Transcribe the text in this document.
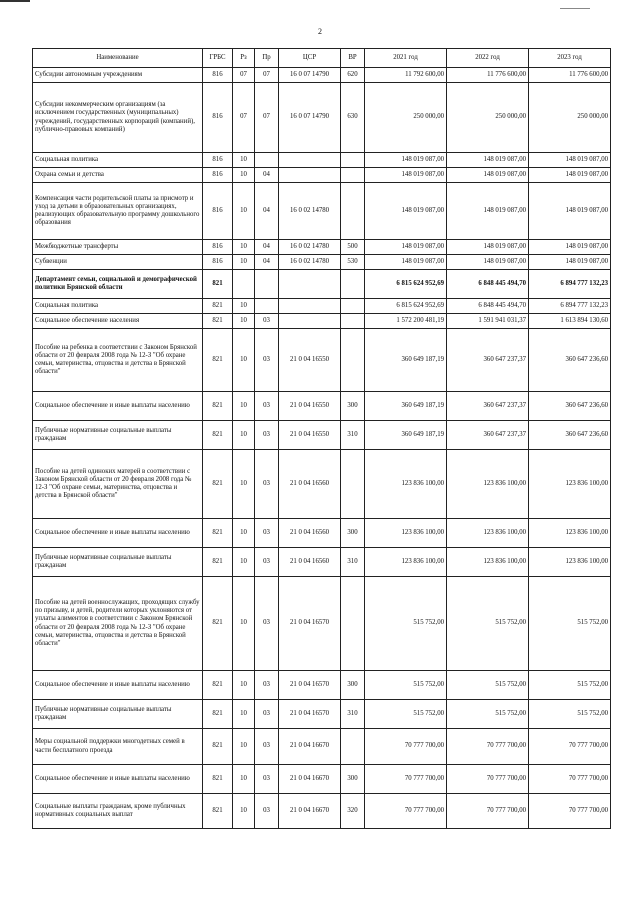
2
Наименование	ГРБС	Рз	Пр	ЦСР	ВР	2021 год	2022 год	2023 год
Субсидии автономным учреждениям	816	07	07	16 0 07 14790	620	11 792 600,00	11 776 600,00	11 776 600,00
Субсидии некоммерческим организациям (за исключением государственных (муниципальных) учреждений, государственных корпораций (компаний), публично-правовых компаний)	816	07	07	16 0 07 14790	630	250 000,00	250 000,00	250 000,00
Социальная политика	816	10				148 019 087,00	148 019 087,00	148 019 087,00
Охрана семьи и детства	816	10	04			148 019 087,00	148 019 087,00	148 019 087,00
Компенсация части родительской платы за присмотр и уход за детьми в образовательных организациях, реализующих образовательную программу дошкольного образования	816	10	04	16 0 02 14780		148 019 087,00	148 019 087,00	148 019 087,00
Межбюджетные трансферты	816	10	04	16 0 02 14780	500	148 019 087,00	148 019 087,00	148 019 087,00
Субвенции	816	10	04	16 0 02 14780	530	148 019 087,00	148 019 087,00	148 019 087,00
Департамент семьи, социальной и демографической политики Брянской области	821					6 815 624 952,69	6 848 445 494,70	6 894 777 132,23
Социальная политика	821	10				6 815 624 952,69	6 848 445 494,70	6 894 777 132,23
Социальное обеспечение населения	821	10	03			1 572 200 481,19	1 591 941 031,37	1 613 894 130,60
Пособие на ребенка в соответствии с Законом Брянской области от 20 февраля 2008 года № 12-З "Об охране семьи, материнства, отцовства и детства в Брянской области"	821	10	03	21 0 04 16550		360 649 187,19	360 647 237,37	360 647 236,60
Социальное обеспечение и иные выплаты населению	821	10	03	21 0 04 16550	300	360 649 187,19	360 647 237,37	360 647 236,60
Публичные нормативные социальные выплаты гражданам	821	10	03	21 0 04 16550	310	360 649 187,19	360 647 237,37	360 647 236,60
Пособие на детей одиноких матерей в соответствии с Законом Брянской области от 20 февраля 2008 года № 12-З "Об охране семьи, материнства, отцовства и детства в Брянской области"	821	10	03	21 0 04 16560		123 836 100,00	123 836 100,00	123 836 100,00
Социальное обеспечение и иные выплаты населению	821	10	03	21 0 04 16560	300	123 836 100,00	123 836 100,00	123 836 100,00
Публичные нормативные социальные выплаты гражданам	821	10	03	21 0 04 16560	310	123 836 100,00	123 836 100,00	123 836 100,00
Пособие на детей военнослужащих, проходящих службу по призыву, и детей, родители которых уклоняются от уплаты алиментов в соответствии с Законом Брянской области от 20 февраля 2008 года № 12-З "Об охране семьи, материнства, отцовства и детства в Брянской области"	821	10	03	21 0 04 16570		515 752,00	515 752,00	515 752,00
Социальное обеспечение и иные выплаты населению	821	10	03	21 0 04 16570	300	515 752,00	515 752,00	515 752,00
Публичные нормативные социальные выплаты гражданам	821	10	03	21 0 04 16570	310	515 752,00	515 752,00	515 752,00
Меры социальной поддержки многодетных семей в части бесплатного проезда	821	10	03	21 0 04 16670		70 777 700,00	70 777 700,00	70 777 700,00
Социальное обеспечение и иные выплаты населению	821	10	03	21 0 04 16670	300	70 777 700,00	70 777 700,00	70 777 700,00
Социальные выплаты гражданам, кроме публичных нормативных социальных выплат	821	10	03	21 0 04 16670	320	70 777 700,00	70 777 700,00	70 777 700,00
